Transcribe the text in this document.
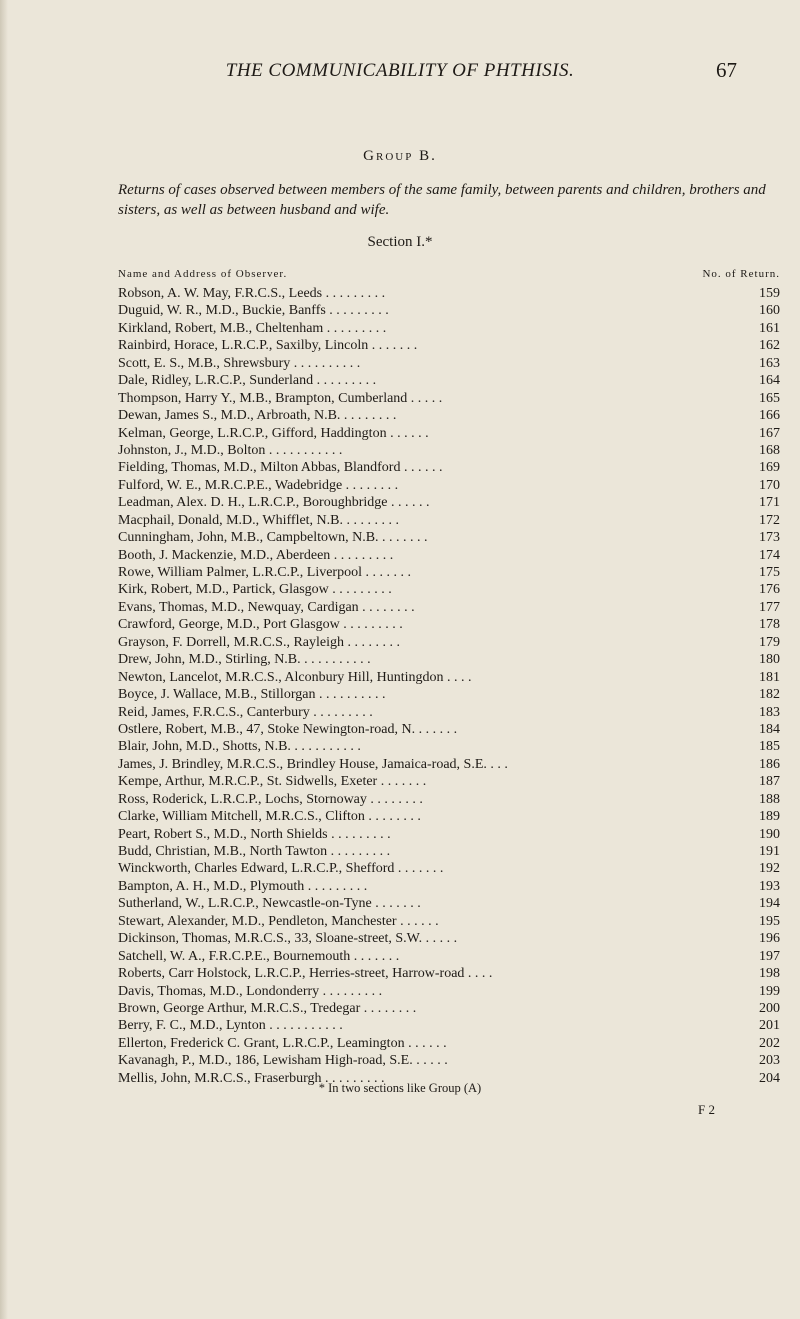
THE COMMUNICABILITY OF PHTHISIS.	67
Group B.
Returns of cases observed between members of the same family, between parents and children, brothers and sisters, as well as between husband and wife.
Section I.*
Name and Address of Observer.	No. of Return.
Robson, A. W. May, F.R.C.S., Leeds . . . . . . . . .	159
Duguid, W. R., M.D., Buckie, Banffs . . . . . . . . .	160
Kirkland, Robert, M.B., Cheltenham . . . . . . . . .	161
Rainbird, Horace, L.R.C.P., Saxilby, Lincoln . . . . . . .	162
Scott, E. S., M.B., Shrewsbury . . . . . . . . . .	163
Dale, Ridley, L.R.C.P., Sunderland . . . . . . . . .	164
Thompson, Harry Y., M.B., Brampton, Cumberland . . . . .	165
Dewan, James S., M.D., Arbroath, N.B. . . . . . . . .	166
Kelman, George, L.R.C.P., Gifford, Haddington . . . . . .	167
Johnston, J., M.D., Bolton . . . . . . . . . . .	168
Fielding, Thomas, M.D., Milton Abbas, Blandford . . . . . .	169
Fulford, W. E., M.R.C.P.E., Wadebridge . . . . . . . .	170
Leadman, Alex. D. H., L.R.C.P., Boroughbridge . . . . . .	171
Macphail, Donald, M.D., Whifflet, N.B. . . . . . . . .	172
Cunningham, John, M.B., Campbeltown, N.B. . . . . . . .	173
Booth, J. Mackenzie, M.D., Aberdeen . . . . . . . . .	174
Rowe, William Palmer, L.R.C.P., Liverpool . . . . . . .	175
Kirk, Robert, M.D., Partick, Glasgow . . . . . . . . .	176
Evans, Thomas, M.D., Newquay, Cardigan . . . . . . . .	177
Crawford, George, M.D., Port Glasgow . . . . . . . . .	178
Grayson, F. Dorrell, M.R.C.S., Rayleigh . . . . . . . .	179
Drew, John, M.D., Stirling, N.B. . . . . . . . . . .	180
Newton, Lancelot, M.R.C.S., Alconbury Hill, Huntingdon . . . .	181
Boyce, J. Wallace, M.B., Stillorgan . . . . . . . . . .	182
Reid, James, F.R.C.S., Canterbury . . . . . . . . .	183
Ostlere, Robert, M.B., 47, Stoke Newington-road, N. . . . . . .	184
Blair, John, M.D., Shotts, N.B. . . . . . . . . . .	185
James, J. Brindley, M.R.C.S., Brindley House, Jamaica-road, S.E. . . .	186
Kempe, Arthur, M.R.C.P., St. Sidwells, Exeter . . . . . . .	187
Ross, Roderick, L.R.C.P., Lochs, Stornoway . . . . . . . .	188
Clarke, William Mitchell, M.R.C.S., Clifton . . . . . . . .	189
Peart, Robert S., M.D., North Shields . . . . . . . . .	190
Budd, Christian, M.B., North Tawton . . . . . . . . .	191
Winckworth, Charles Edward, L.R.C.P., Shefford . . . . . . .	192
Bampton, A. H., M.D., Plymouth . . . . . . . . .	193
Sutherland, W., L.R.C.P., Newcastle-on-Tyne . . . . . . .	194
Stewart, Alexander, M.D., Pendleton, Manchester . . . . . .	195
Dickinson, Thomas, M.R.C.S., 33, Sloane-street, S.W. . . . . .	196
Satchell, W. A., F.R.C.P.E., Bournemouth . . . . . . .	197
Roberts, Carr Holstock, L.R.C.P., Herries-street, Harrow-road . . . .	198
Davis, Thomas, M.D., Londonderry . . . . . . . . .	199
Brown, George Arthur, M.R.C.S., Tredegar . . . . . . . .	200
Berry, F. C., M.D., Lynton . . . . . . . . . . .	201
Ellerton, Frederick C. Grant, L.R.C.P., Leamington . . . . . .	202
Kavanagh, P., M.D., 186, Lewisham High-road, S.E. . . . . .	203
Mellis, John, M.R.C.S., Fraserburgh . . . . . . . . .	204
* In two sections like Group (A)
F 2
